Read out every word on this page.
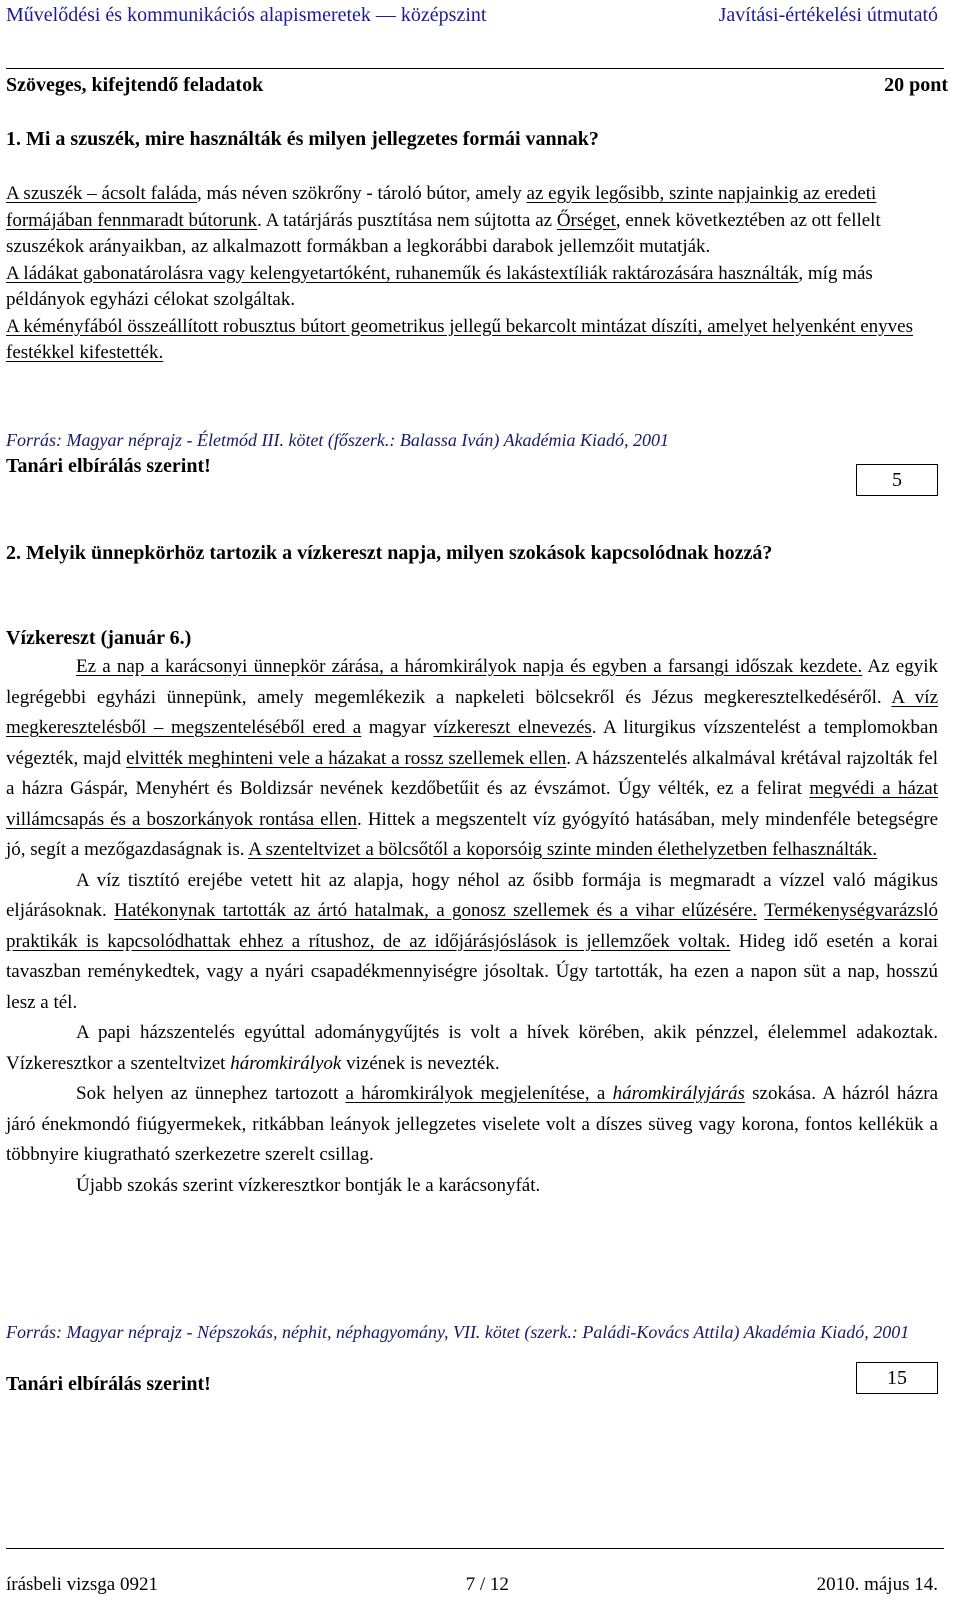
Művelődési és kommunikációs alapismeretek — középszint	Javítási-értékelési útmutató
Szöveges, kifejtendő feladatok	20 pont
1. Mi a szuszék, mire használták és milyen jellegzetes formái vannak?

A szuszék – ácsolt faláda, más néven szökrőny - tároló bútor, amely az egyik legősibb, szinte napjainkig az eredeti formájában fennmaradt bútorunk. A tatárjárás pusztítása nem sújtotta az Őrséget, ennek következtében az ott fellelt szuszékok arányaikban, az alkalmazott formákban a legkorábbi darabok jellemzőit mutatják.

A ládákat gabonatárolásra vagy kelengyetartóként, ruhaneműk és lakástextíliák raktározására használták, míg más példányok egyházi célokat szolgáltak.

A kéményfából összeállított robusztus bútort geometrikus jellegű bekarcolt mintázat díszíti, amelyet helyenként enyves festékkel kifestették.

Forrás: Magyar néprajz - Életmód III. kötet (főszerk.: Balassa Iván) Akadémia Kiadó, 2001
Tanári elbírálás szerint!
5
2. Melyik ünnepkörhöz tartozik a vízkereszt napja, milyen szokások kapcsolódnak hozzá?
Vízkereszt (január 6.)

Ez a nap a karácsonyi ünnepkör zárása, a háromkirályok napja és egyben a farsangi időszak kezdete. Az egyik legrégebbi egyházi ünnepünk, amely megemlékezik a napkeleti bölcsekről és Jézus megkeresztelkedéséről. A víz megkeresztelésből – megszenteléséből ered a magyar vízkereszt elnevezés. A liturgikus vízszentelést a templomokban végezték, majd elvitték meghinteni vele a házakat a rossz szellemek ellen. A házszentelés alkalmával krétával rajzolták fel a házra Gáspár, Menyhért és Boldizsár nevének kezdőbetűit és az évszámot. Úgy vélték, ez a felirat megvédi a házat villámcsapás és a boszorkányok rontása ellen. Hittek a megszentelt víz gyógyító hatásában, mely mindenféle betegségre jó, segít a mezőgazdaságnak is. A szenteltvizet a bölcsőtől a koporsóig szinte minden élethelyzetben felhasználták.

A víz tisztító erejébe vetett hit az alapja, hogy néhol az ősibb formája is megmaradt a vízzel való mágikus eljárásoknak. Hatékonynak tartották az ártó hatalmak, a gonosz szellemek és a vihar elűzésére. Termékenységvarázsló praktikák is kapcsolódhattak ehhez a rítushoz, de az időjárásjóslások is jellemzőek voltak. Hideg idő esetén a korai tavaszban reménykedtek, vagy a nyári csapadékmennyiségre jósoltak. Úgy tartották, ha ezen a napon süt a nap, hosszú lesz a tél.

A papi házszentelés egyúttal adománygyűjtés is volt a hívek körében, akik pénzzel, élelemmel adakoztak. Vízkeresztkor a szenteltvizet háromkirályok vizének is nevezték.

Sok helyen az ünnephez tartozott a háromkirályok megjelenítése, a háromkirályjárás szokása. A házról házra járó énekmondó fiúgyermekek, ritkábban leányok jellegzetes viselete volt a díszes süveg vagy korona, fontos kellékük a többnyire kiugratható szerkezetre szerelt csillag.

Újabb szokás szerint vízkeresztkor bontják le a karácsonyfát.

Forrás: Magyar néprajz - Népszokás, néphit, néphagyomány, VII. kötet (szerk.: Paládi-Kovács Attila) Akadémia Kiadó, 2001
Tanári elbírálás szerint!	15
írásbeli vizsga 0921	7 / 12	2010. május 14.
